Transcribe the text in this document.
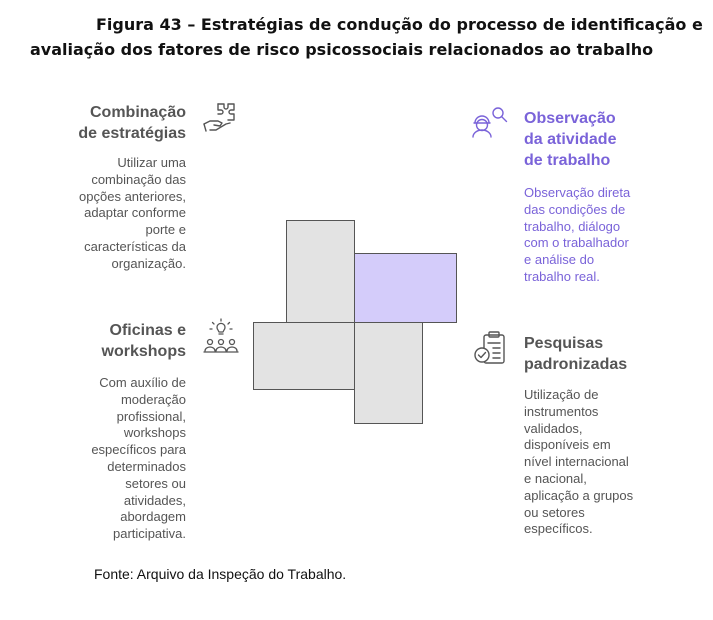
Figura 43 – Estratégias de condução do processo de identificação e
avaliação dos fatores de risco psicossociais relacionados ao trabalho
Combinação
de estratégias
Utilizar uma
combinação das
opções anteriores,
adaptar conforme
porte e
características da
organização.
Observação
da atividade
de trabalho
Observação direta
das condições de
trabalho, diálogo
com o trabalhador
e análise do
trabalho real.
Oficinas e
workshops
Com auxílio de
moderação
profissional,
workshops
específicos para
determinados
setores ou
atividades,
abordagem
participativa.
Pesquisas
padronizadas
Utilização de
instrumentos
validados,
disponíveis em
nível internacional
e nacional,
aplicação a grupos
ou setores
específicos.
Fonte: Arquivo da Inspeção do Trabalho.
